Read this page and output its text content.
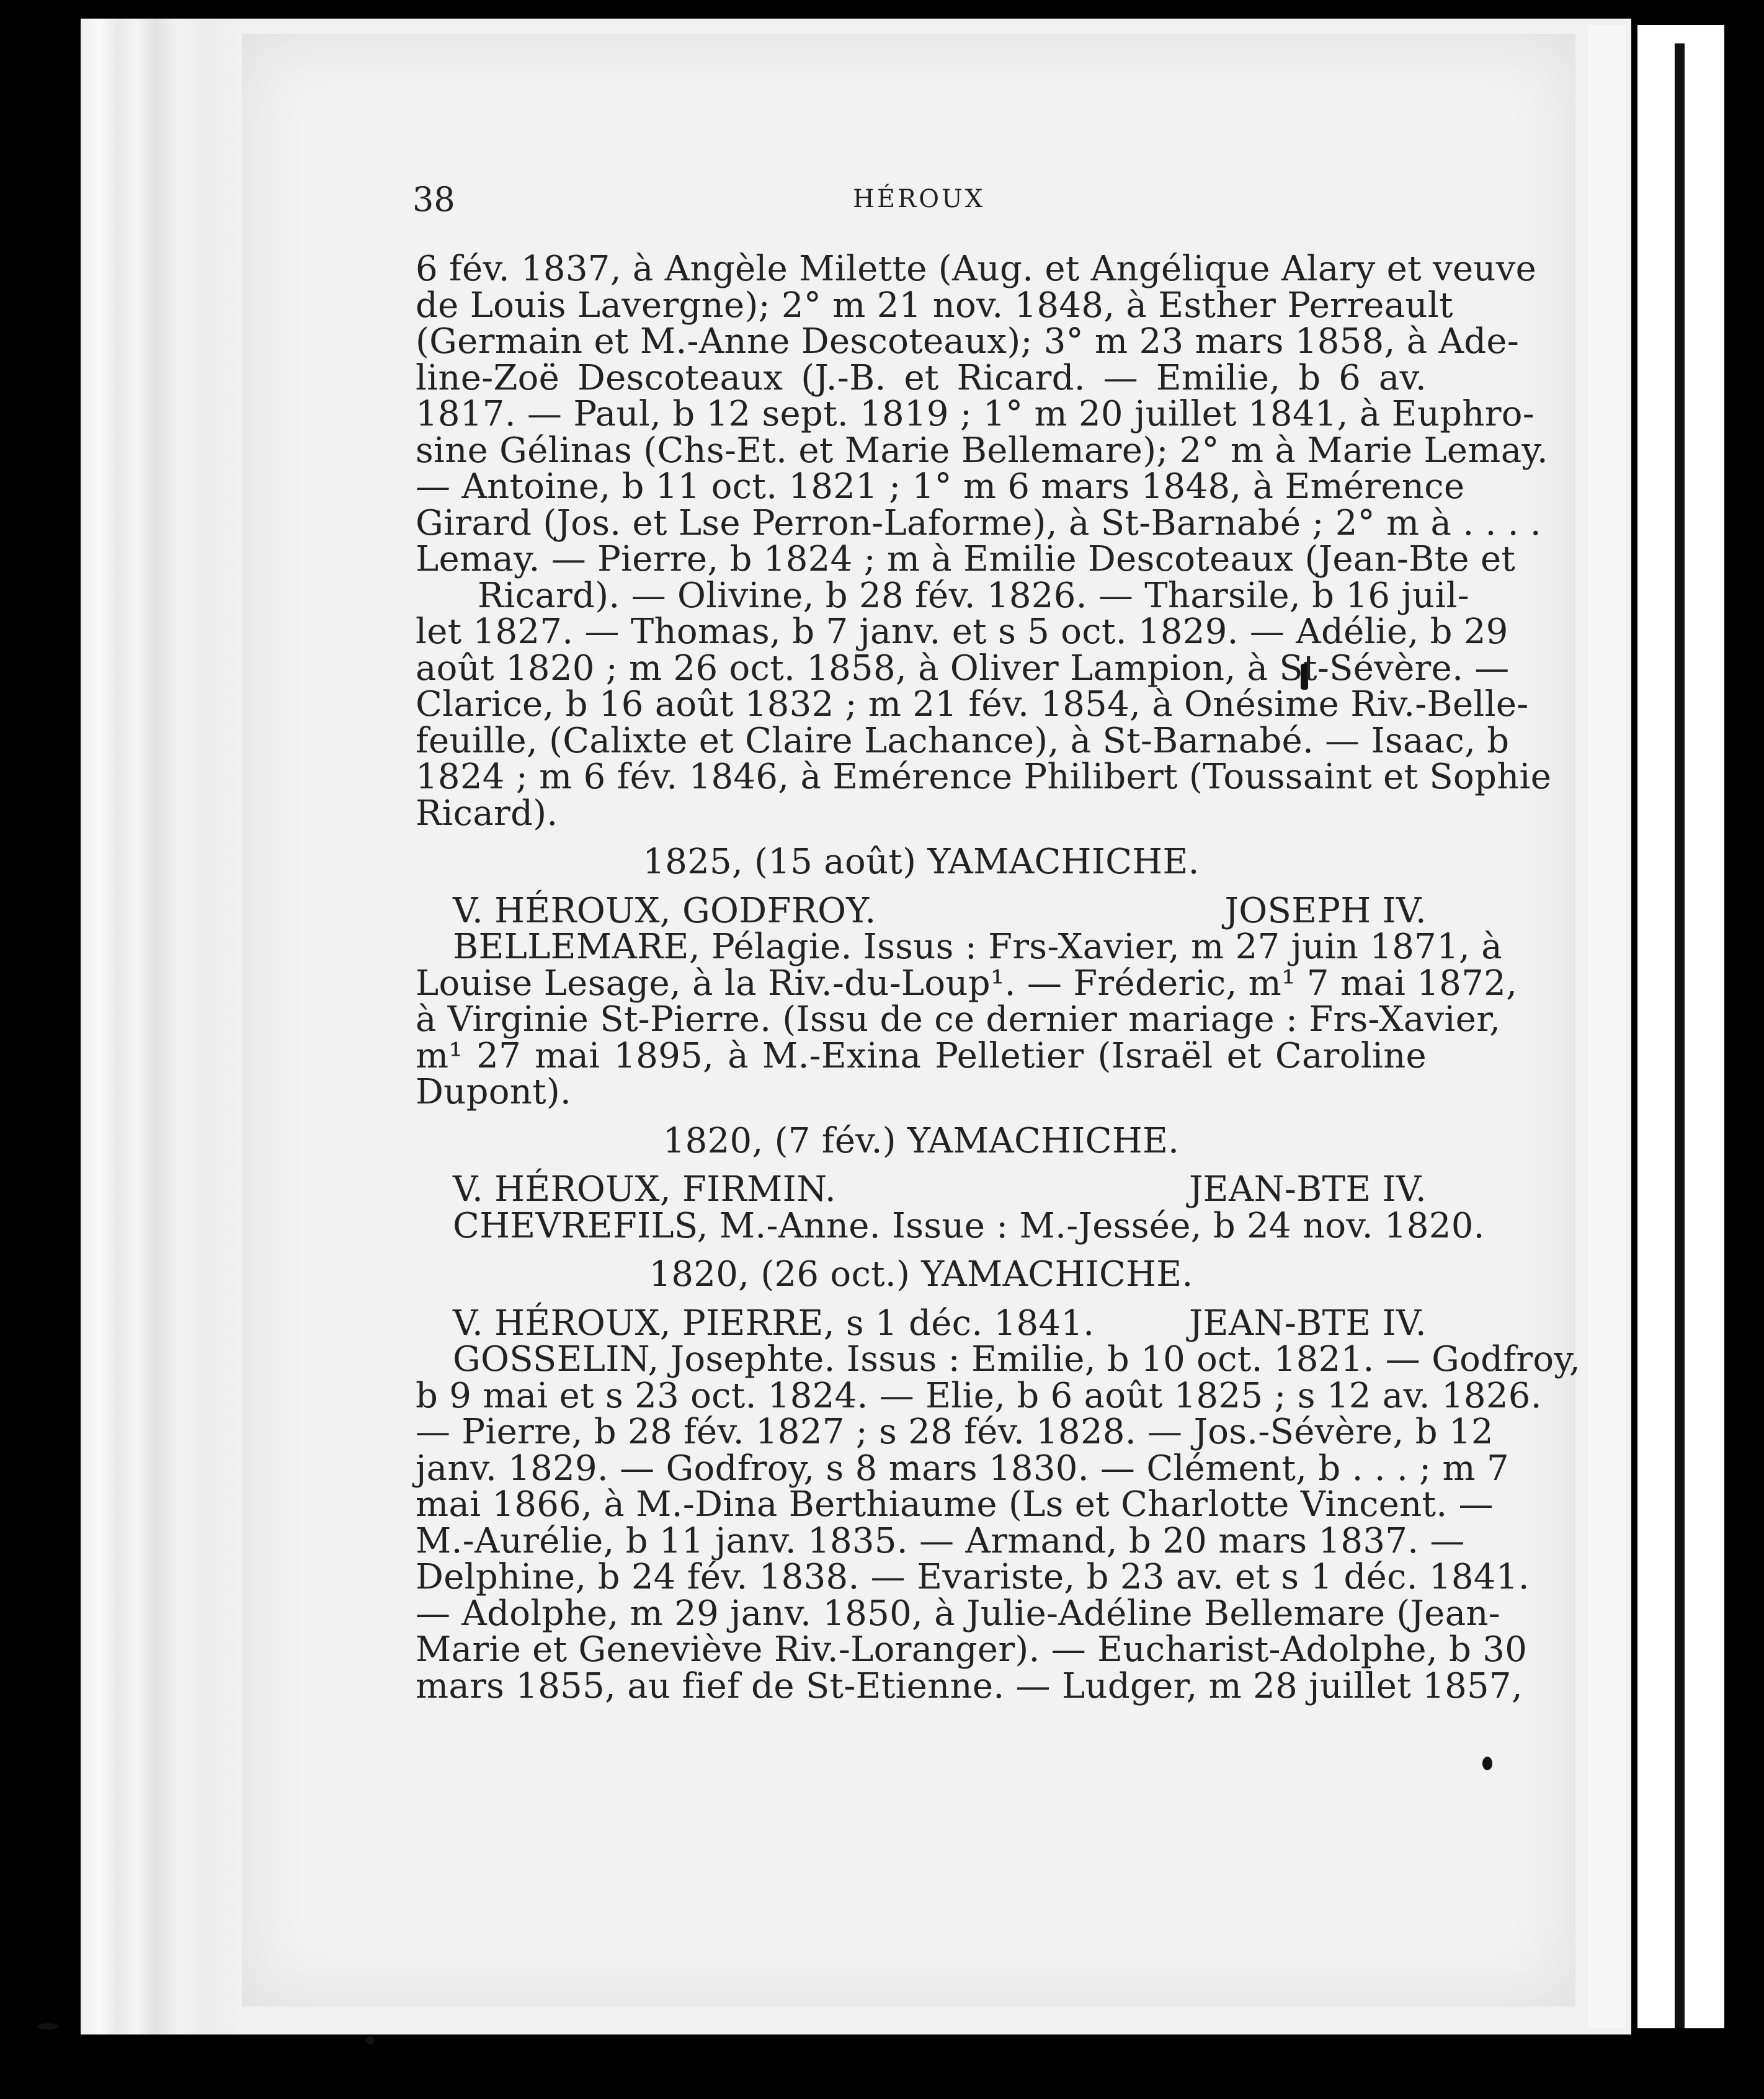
38	HÉROUX
6 fév. 1837, à Angèle Milette (Aug. et Angélique Alary et veuve
de Louis Lavergne); 2° m 21 nov. 1848, à Esther Perreault
(Germain et M.-Anne Descoteaux); 3° m 23 mars 1858, à Ade-
line-Zoë Descoteaux (J.-B. et Ricard. — Emilie, b 6 av.
1817. — Paul, b 12 sept. 1819 ; 1° m 20 juillet 1841, à Euphro-
sine Gélinas (Chs-Et. et Marie Bellemare); 2° m à Marie Lemay.
— Antoine, b 11 oct. 1821 ; 1° m 6 mars 1848, à Emérence
Girard (Jos. et Lse Perron-Laforme), à St-Barnabé ; 2° m à . . . .
Lemay. — Pierre, b 1824 ; m à Emilie Descoteaux (Jean-Bte et
Ricard). — Olivine, b 28 fév. 1826. — Tharsile, b 16 juil-
let 1827. — Thomas, b 7 janv. et s 5 oct. 1829. — Adélie, b 29
août 1820 ; m 26 oct. 1858, à Oliver Lampion, à St-Sévère. —
Clarice, b 16 août 1832 ; m 21 fév. 1854, à Onésime Riv.-Belle-
feuille, (Calixte et Claire Lachance), à St-Barnabé. — Isaac, b
1824 ; m 6 fév. 1846, à Emérence Philibert (Toussaint et Sophie
Ricard).
1825, (15 août) YAMACHICHE.
V. HÉROUX, GODFROY.	JOSEPH IV.
BELLEMARE, Pélagie. Issus : Frs-Xavier, m 27 juin 1871, à
Louise Lesage, à la Riv.-du-Loup¹. — Fréderic, m¹ 7 mai 1872,
à Virginie St-Pierre. (Issu de ce dernier mariage : Frs-Xavier,
m¹ 27 mai 1895, à M.-Exina Pelletier (Israël et Caroline
Dupont).
1820, (7 fév.) YAMACHICHE.
V. HÉROUX, FIRMIN.	JEAN-BTE IV.
CHEVREFILS, M.-Anne. Issue : M.-Jessée, b 24 nov. 1820.
1820, (26 oct.) YAMACHICHE.
V. HÉROUX, PIERRE, s 1 déc. 1841.	JEAN-BTE IV.
GOSSELIN, Josephte. Issus : Emilie, b 10 oct. 1821. — Godfroy,
b 9 mai et s 23 oct. 1824. — Elie, b 6 août 1825 ; s 12 av. 1826.
— Pierre, b 28 fév. 1827 ; s 28 fév. 1828. — Jos.-Sévère, b 12
janv. 1829. — Godfroy, s 8 mars 1830. — Clément, b . . . ; m 7
mai 1866, à M.-Dina Berthiaume (Ls et Charlotte Vincent. —
M.-Aurélie, b 11 janv. 1835. — Armand, b 20 mars 1837. —
Delphine, b 24 fév. 1838. — Evariste, b 23 av. et s 1 déc. 1841.
— Adolphe, m 29 janv. 1850, à Julie-Adéline Bellemare (Jean-
Marie et Geneviève Riv.-Loranger). — Eucharist-Adolphe, b 30
mars 1855, au fief de St-Etienne. — Ludger, m 28 juillet 1857,
